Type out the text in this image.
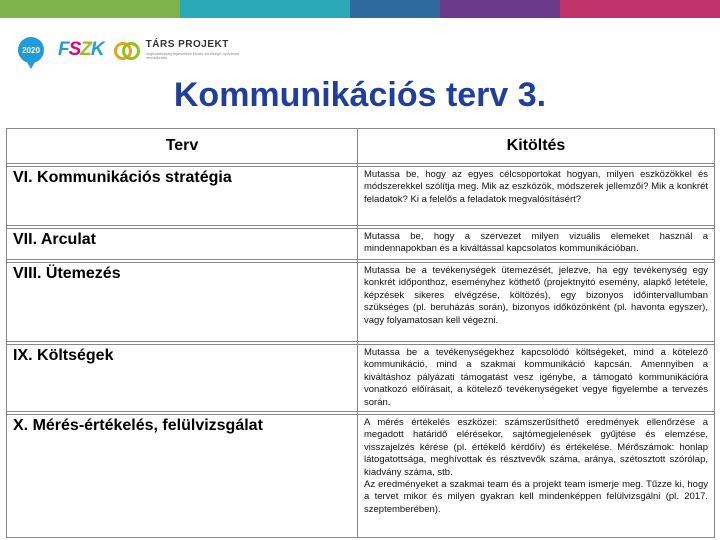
2020 FSZK	TÁRS PROJEKT
Jogtudatosság fejlesztése kiváló minőségű nyilvános rendelkezés
Kommunikációs terv 3.
Terv	Kitöltés

VI. Kommunikációs stratégia	Mutassa be, hogy az egyes célcsoportokat hogyan, milyen eszközökkel és módszerekkel szólítja meg. Mik az eszközök, módszerek jellemzői? Mik a konkrét feladatok? Ki a felelős a feladatok megvalósításért?

VII. Arculat	Mutassa be, hogy a szervezet milyen vizuális elemeket használ a mindennapokban és a kiváltással kapcsolatos kommunikációban.

VIII. Ütemezés	Mutassa be a tevékenységek ütemezését, jelezve, ha egy tevékenység egy konkrét időponthoz, eseményhez köthető (projektnyitó esemény, alapkő letétele, képzések sikeres elvégzése, költözés), egy bizonyos időintervallumban szükséges (pl. beruházás során), bizonyos időközönként (pl. havonta egyszer), vagy folyamatosan kell végezni.

IX. Költségek	Mutassa be a tevékenységekhez kapcsolódó költségeket, mind a kötelező kommunikáció, mind a szakmai kommunikáció kapcsán. Amennyiben a kiváltáshoz pályázati támogatást vesz igénybe, a támogató kommunikációra vonatkozó előírásait, a kötelező tevékenységeket vegye figyelembe a tervezés során.

X. Mérés-értékelés, felülvizsgálat	A mérés értékelés eszközei: számszerűsíthető eredmények ellenőrzése a megadott határidő elérésekor, sajtómegjelenések gyűjtése és elemzése, visszajelzés kérése (pl. értékelő kérdőív) és értékelése. Mérőszámok: honlap látogatottsága, meghívottak és résztvevők száma, aránya, szétosztott szórólap, kiadvány száma, stb.

Az eredményeket a szakmai team és a projekt team ismerje meg. Tűzze ki, hogy a tervet mikor és milyen gyakran kell mindenképpen felülvizsgálni (pl. 2017. szeptemberében).
